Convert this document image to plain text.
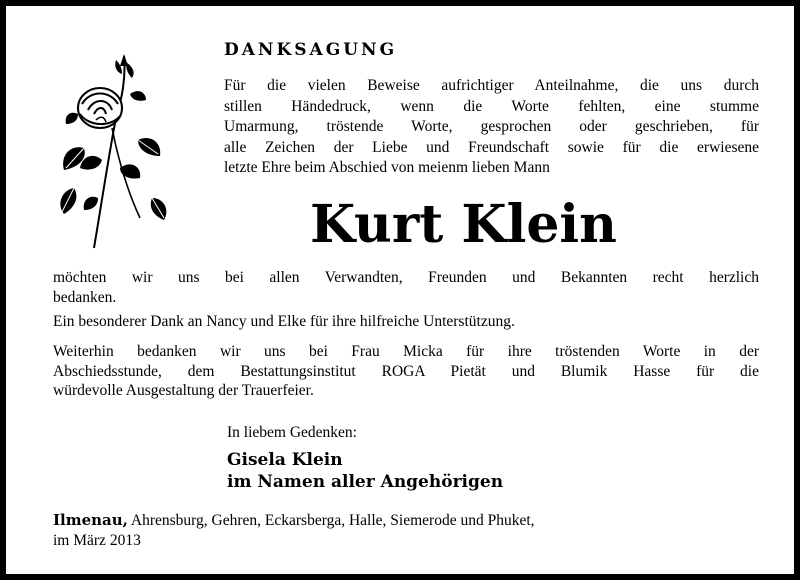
DANKSAGUNG
Für die vielen Beweise aufrichtiger Anteilnahme, die uns durch
stillen Händedruck, wenn die Worte fehlten, eine stumme
Umarmung, tröstende Worte, gesprochen oder geschrieben, für
alle Zeichen der Liebe und Freundschaft sowie für die erwiesene
letzte Ehre beim Abschied von meienm lieben Mann
Kurt Klein
möchten wir uns bei allen Verwandten, Freunden und Bekannten recht herzlich
bedanken.
Ein besonderer Dank an Nancy und Elke für ihre hilfreiche Unterstützung.
Weiterhin bedanken wir uns bei Frau Micka für ihre tröstenden Worte in der
Abschiedsstunde, dem Bestattungsinstitut ROGA Pietät und Blumik Hasse für die
würdevolle Ausgestaltung der Trauerfeier.
In liebem Gedenken:
Gisela Klein
im Namen aller Angehörigen
Ilmenau, Ahrensburg, Gehren, Eckarsberga, Halle, Siemerode und Phuket,
im März 2013
